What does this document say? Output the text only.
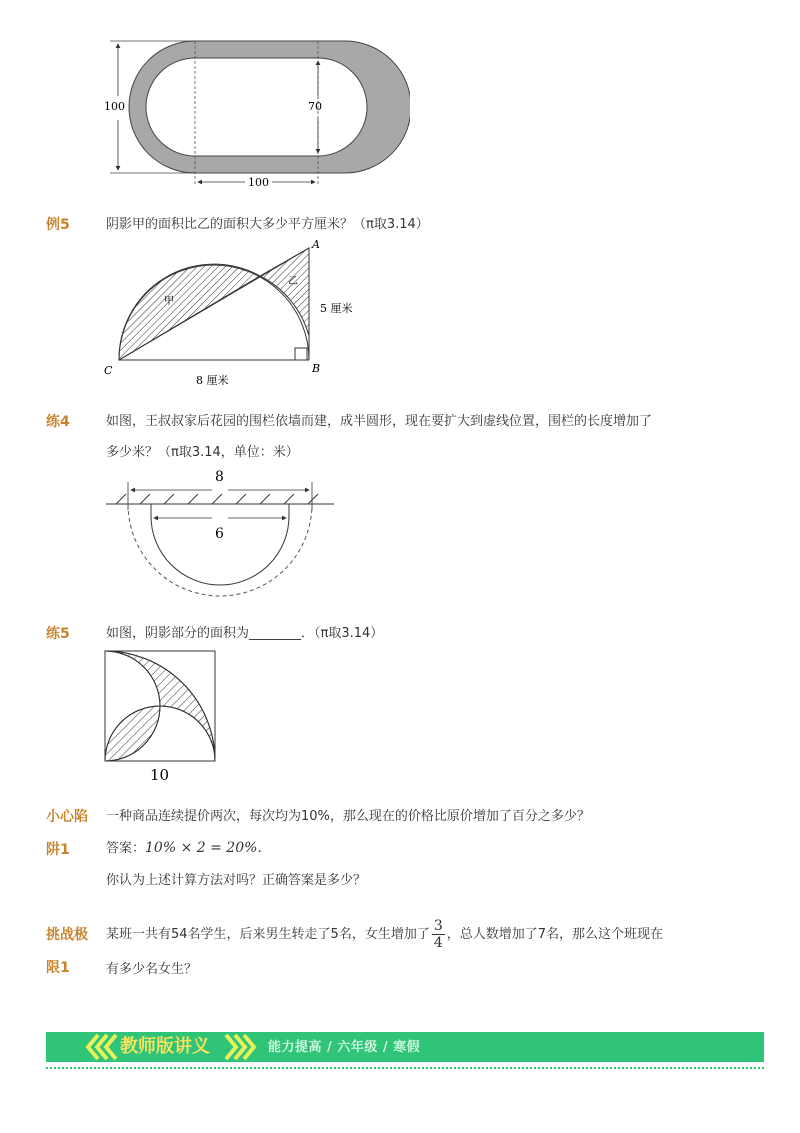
100	70
100
例5	阴影甲的面积比乙的面积大多少平方厘米？（π取3.14）
A
B
C
甲
乙
5 厘米
8 厘米
练4	如图，王叔叔家后花园的围栏依墙而建，成半圆形，现在要扩大到虚线位置，围栏的长度增加了
多少米？（π取3.14，单位：米）
8
6
练5	如图，阴影部分的面积为________．（π取3.14）
10
小心陷
阱1
一种商品连续提价两次，每次均为10%，那么现在的价格比原价增加了百分之多少？
答案：10% × 2 = 20%.
你认为上述计算方法对吗？正确答案是多少？
挑战极
限1
某班一共有54名学生，后来男生转走了5名，女生增加了 $\frac{3}{4}$ ，总人数增加了7名，那么这个班现在
有多少名女生？
教师版讲义	能力提高 / 六年级 / 寒假
